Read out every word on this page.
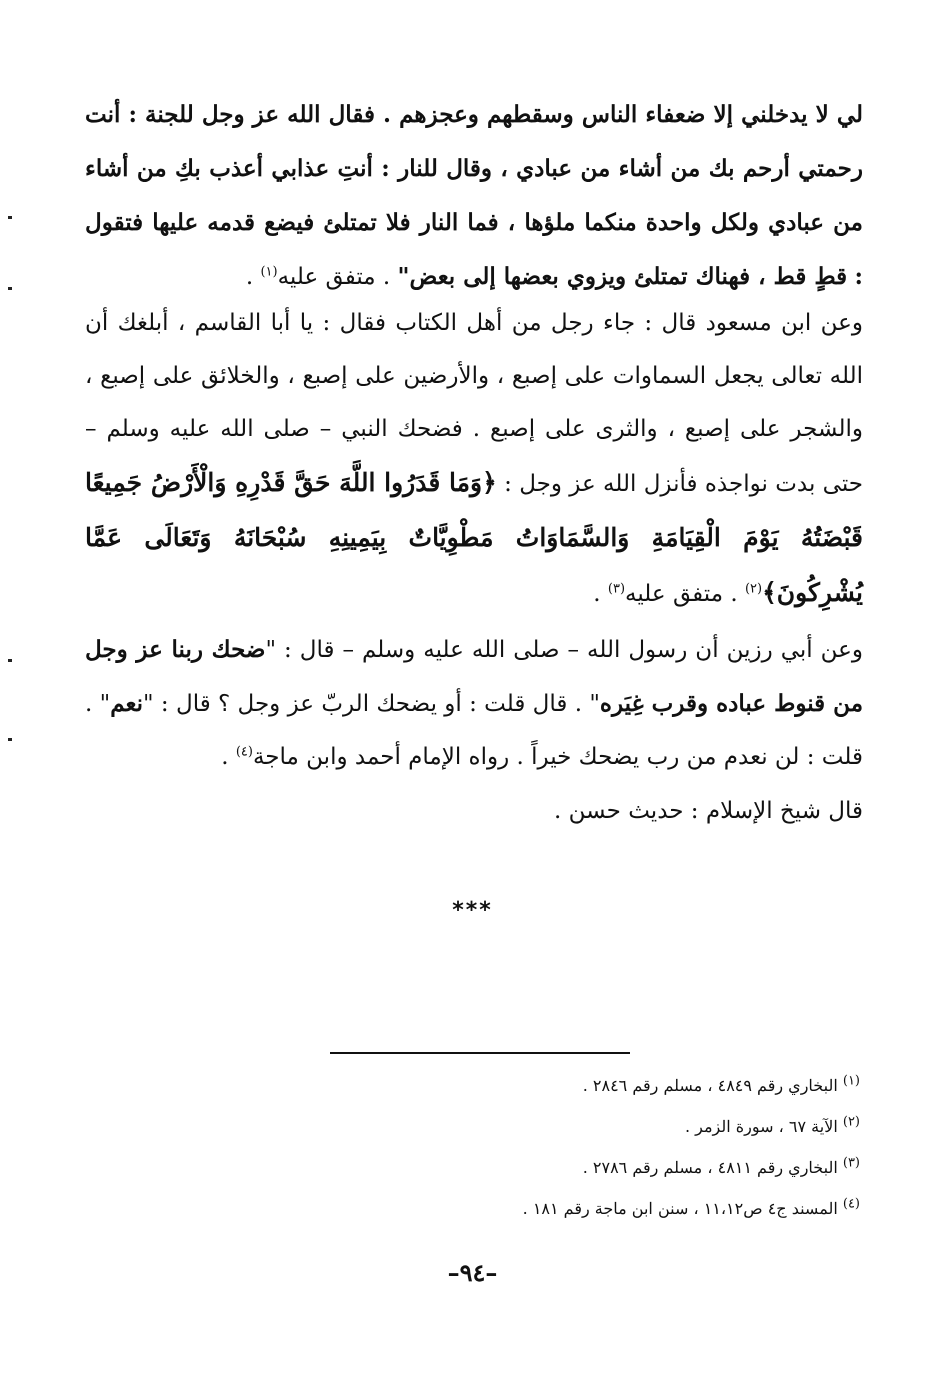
لي لا يدخلني إلا ضعفاء الناس وسقطهم وعجزهم . فقال الله عز وجل للجنة : أنت رحمتي أرحم بك من أشاء من عبادي ، وقال للنار : أنتِ عذابي أعذب بكِ من أشاء من عبادي ولكل واحدة منكما ملؤها ، فما النار فلا تمتلئ فيضع قدمه عليها فتقول : قطٍ قط ، فهناك تمتلئ ويزوي بعضها إلى بعض" . متفق عليه$^{(١)}$ .
وعن ابن مسعود قال : جاء رجل من أهل الكتاب فقال : يا أبا القاسم ، أبلغك أن الله تعالى يجعل السماوات على إصبع ، والأرضين على إصبع ، والخلائق على إصبع ، والشجر على إصبع ، والثرى على إصبع . فضحك النبي – صلى الله عليه وسلم – حتى بدت نواجذه فأنزل الله عز وجل : ﴿وَمَا قَدَرُوا اللَّهَ حَقَّ قَدْرِهِ وَالْأَرْضُ جَمِيعًا قَبْضَتُهُ يَوْمَ الْقِيَامَةِ وَالسَّمَاوَاتُ مَطْوِيَّاتٌ بِيَمِينِهِ سُبْحَانَهُ وَتَعَالَى عَمَّا يُشْرِكُونَ﴾$^{(٢)}$ . متفق عليه$^{(٣)}$ .
وعن أبي رزين أن رسول الله – صلى الله عليه وسلم – قال : "ضحك ربنا عز وجل من قنوط عباده وقرب غِيَره" . قال قلت : أو يضحك الربّ عز وجل ؟ قال : "نعم" . قلت : لن نعدم من رب يضحك خيراً . رواه الإمام أحمد وابن ماجة$^{(٤)}$ .
قال شيخ الإسلام : حديث حسن .
***
$^{(١)}$ البخاري رقم ٤٨٤٩ ، مسلم رقم ٢٨٤٦ .
$^{(٢)}$ الآية ٦٧ ، سورة الزمر .
$^{(٣)}$ البخاري رقم ٤٨١١ ، مسلم رقم ٢٧٨٦ .
$^{(٤)}$ المسند ج٤ ص١١،١٢ ، سنن ابن ماجة رقم ١٨١ .
–٩٤–
